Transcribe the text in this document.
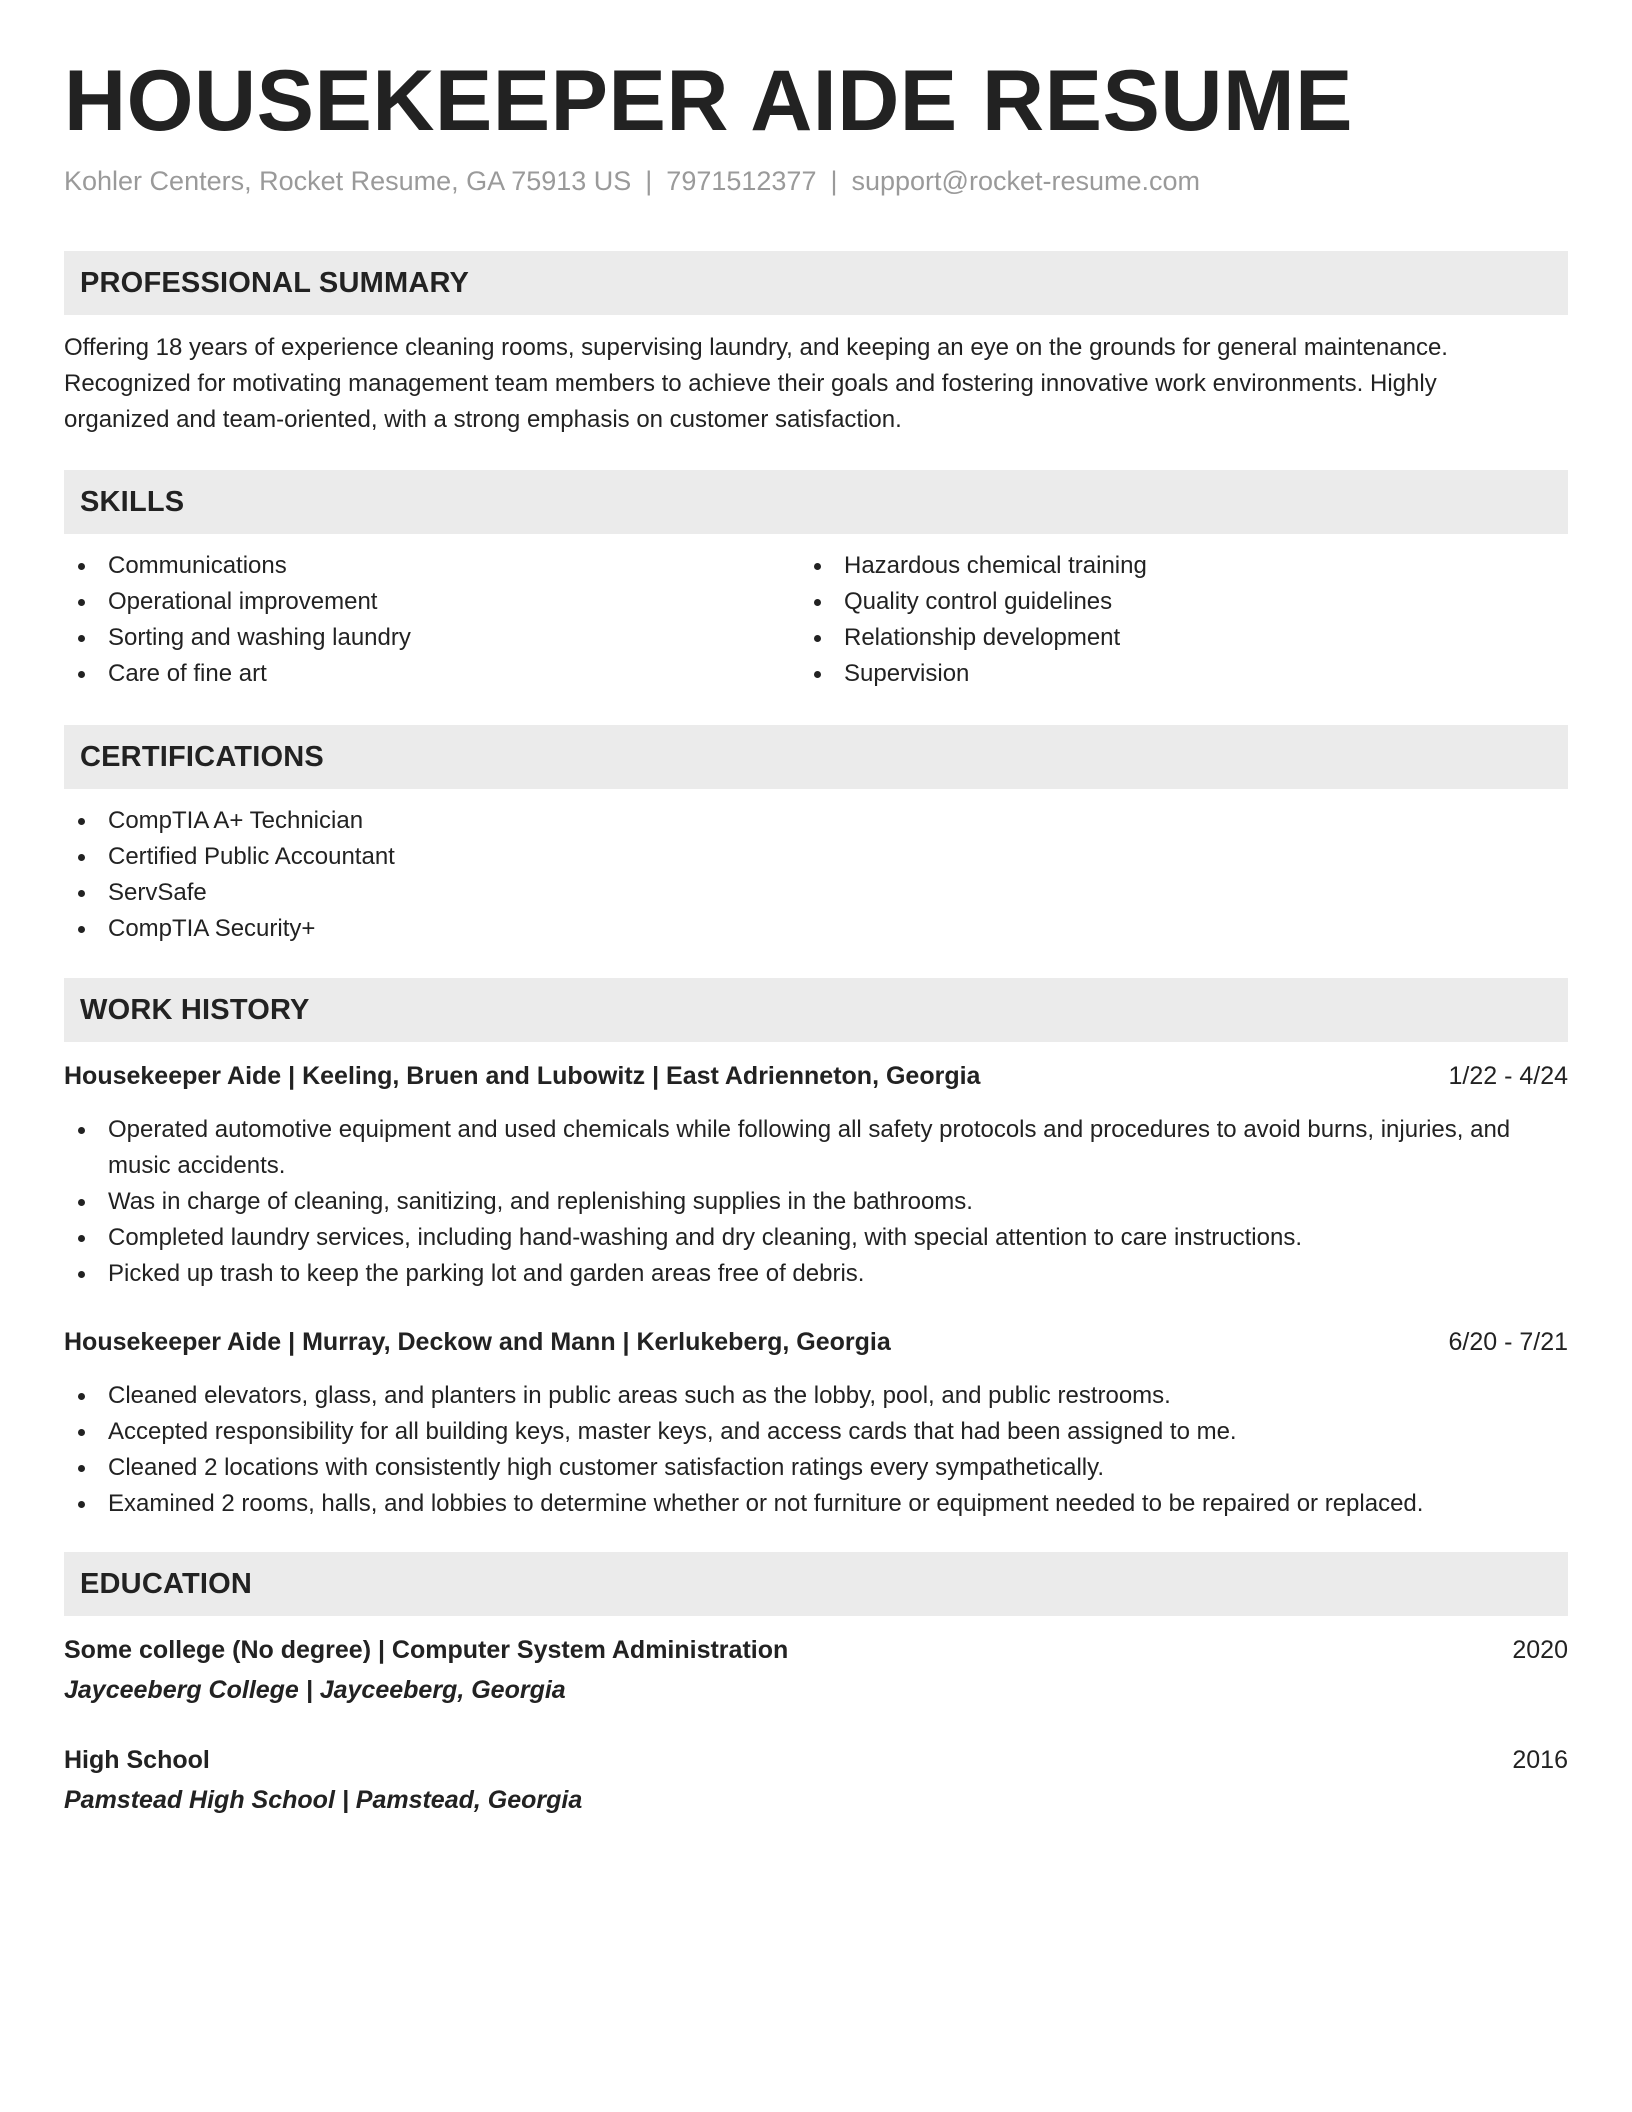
HOUSEKEEPER AIDE RESUME
Kohler Centers, Rocket Resume, GA 75913 US | 7971512377 | support@rocket-resume.com
PROFESSIONAL SUMMARY
Offering 18 years of experience cleaning rooms, supervising laundry, and keeping an eye on the grounds for general maintenance.
Recognized for motivating management team members to achieve their goals and fostering innovative work environments. Highly
organized and team-oriented, with a strong emphasis on customer satisfaction.
SKILLS
Communications
Operational improvement
Sorting and washing laundry
Care of fine art
Hazardous chemical training
Quality control guidelines
Relationship development
Supervision
CERTIFICATIONS
CompTIA A+ Technician
Certified Public Accountant
ServSafe
CompTIA Security+
WORK HISTORY
Housekeeper Aide | Keeling, Bruen and Lubowitz | East Adrienneton, Georgia	1/22 - 4/24
Operated automotive equipment and used chemicals while following all safety protocols and procedures to avoid burns, injuries, and music accidents.
Was in charge of cleaning, sanitizing, and replenishing supplies in the bathrooms.
Completed laundry services, including hand-washing and dry cleaning, with special attention to care instructions.
Picked up trash to keep the parking lot and garden areas free of debris.
Housekeeper Aide | Murray, Deckow and Mann | Kerlukeberg, Georgia	6/20 - 7/21
Cleaned elevators, glass, and planters in public areas such as the lobby, pool, and public restrooms.
Accepted responsibility for all building keys, master keys, and access cards that had been assigned to me.
Cleaned 2 locations with consistently high customer satisfaction ratings every sympathetically.
Examined 2 rooms, halls, and lobbies to determine whether or not furniture or equipment needed to be repaired or replaced.
EDUCATION
Some college (No degree) | Computer System Administration	2020
Jayceeberg College | Jayceeberg, Georgia
High School	2016
Pamstead High School | Pamstead, Georgia
